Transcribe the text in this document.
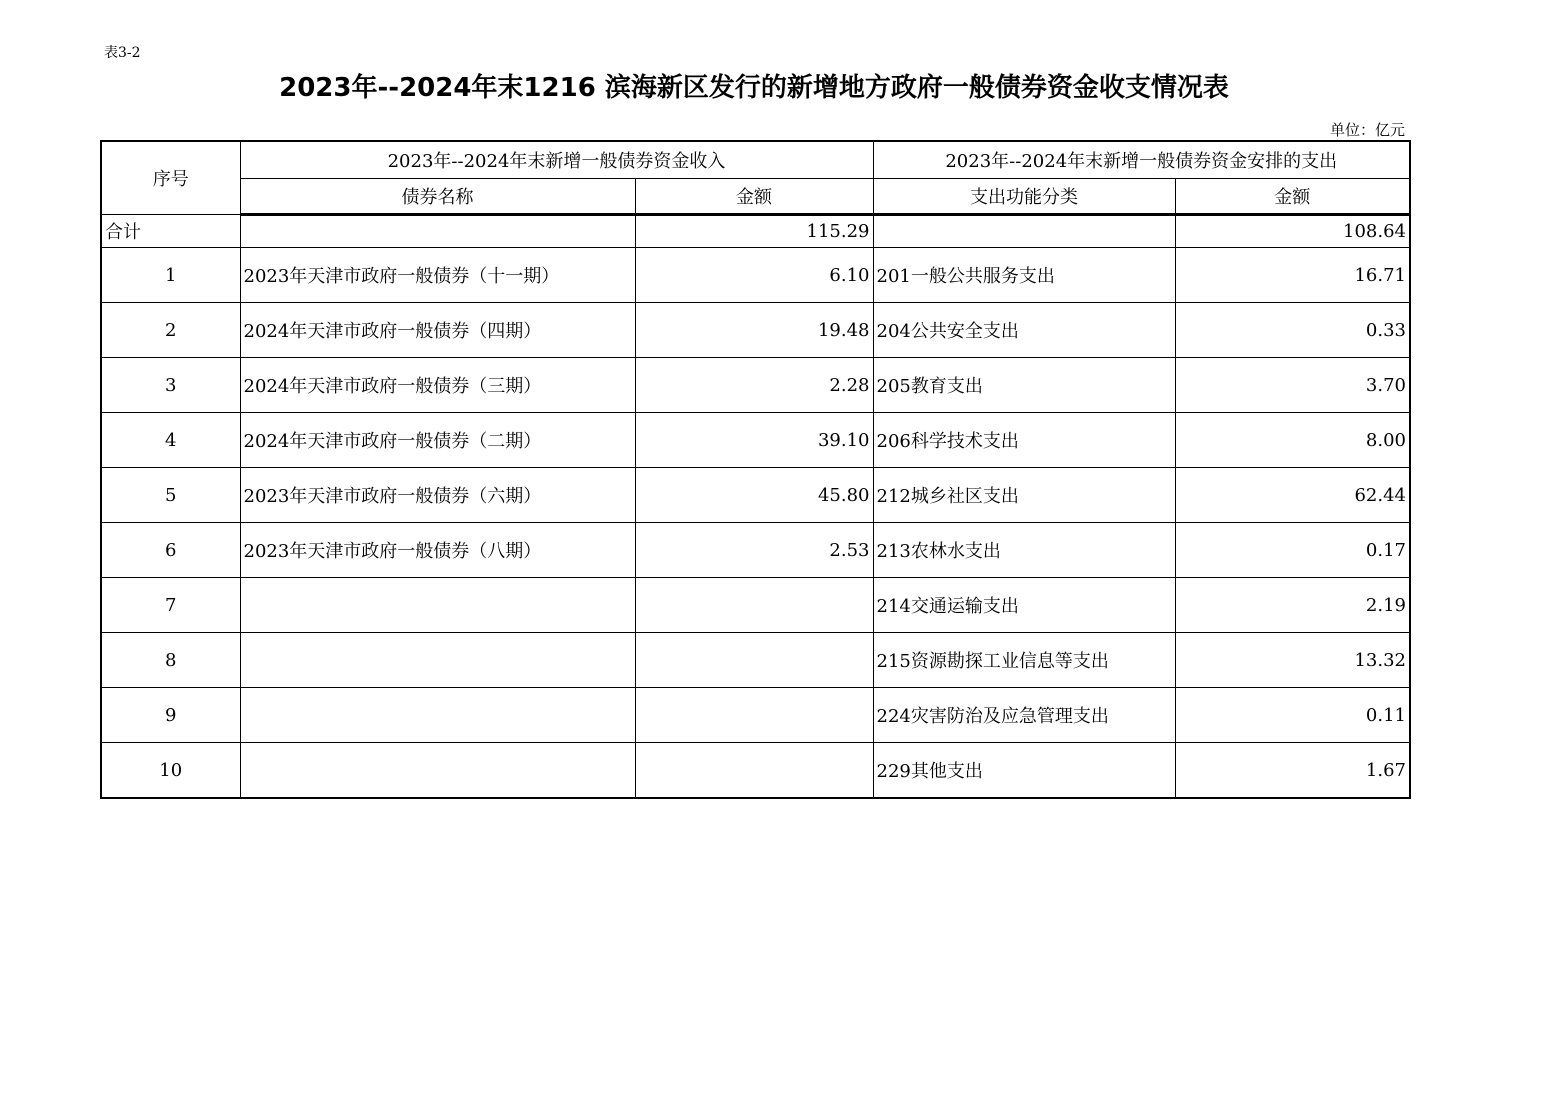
表3-2
2023年--2024年末1216 滨海新区发行的新增地方政府一般债券资金收支情况表
单位：亿元
序号	2023年--2024年末新增一般债券资金收入		2023年--2024年末新增一般债券资金安排的支出	
	债券名称	金额	支出功能分类	金额
合计		115.29		108.64
1	2023年天津市政府一般债券（十一期）	6.10	201一般公共服务支出	16.71
2	2024年天津市政府一般债券（四期）	19.48	204公共安全支出	0.33
3	2024年天津市政府一般债券（三期）	2.28	205教育支出	3.70
4	2024年天津市政府一般债券（二期）	39.10	206科学技术支出	8.00
5	2023年天津市政府一般债券（六期）	45.80	212城乡社区支出	62.44
6	2023年天津市政府一般债券（八期）	2.53	213农林水支出	0.17
7			214交通运输支出	2.19
8			215资源勘探工业信息等支出	13.32
9			224灾害防治及应急管理支出	0.11
10			229其他支出	1.67
